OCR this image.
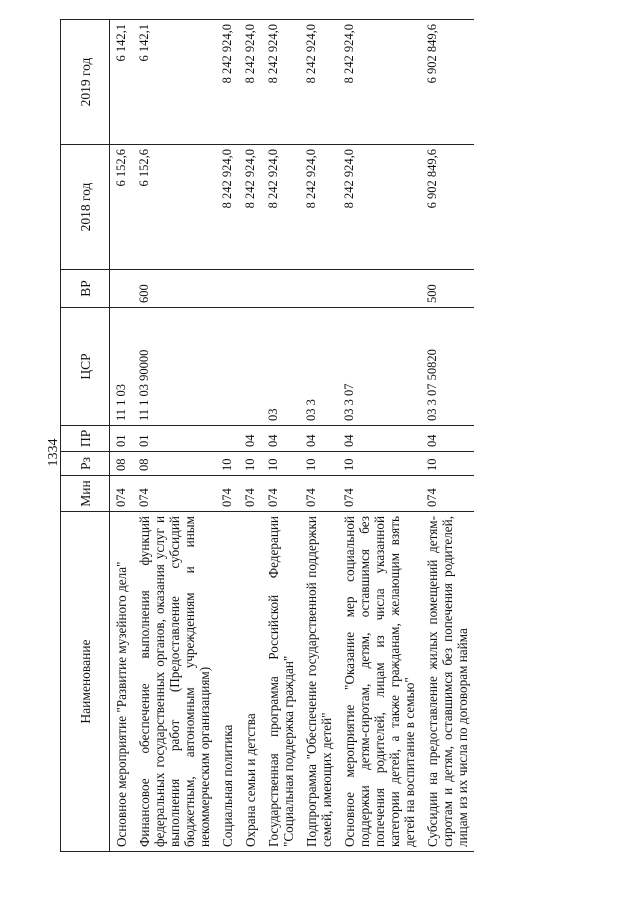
1334
Наименование	Мин	Рз	ПР	ЦСР	ВР	2018 год	2019 год
Основное мероприятие "Развитие музейного дела"	074	08	01	11 1 03		6 152,6	6 142,1
Финансовое обеспечение выполнения функций федеральных государственных органов, оказания услуг и выполнения работ (Предоставление субсидий бюджетным, автономным учреждениям и иным некоммерческим организациям)	074	08	01	11 1 03 90000	600	6 152,6	6 142,1
Социальная политика	074	10				8 242 924,0	8 242 924,0
Охрана семьи и детства	074	10	04			8 242 924,0	8 242 924,0
Государственная программа Российской Федерации "Социальная поддержка граждан"	074	10	04	03		8 242 924,0	8 242 924,0
Подпрограмма "Обеспечение государственной поддержки семей, имеющих детей"	074	10	04	03 3		8 242 924,0	8 242 924,0
Основное мероприятие "Оказание мер социальной поддержки детям-сиротам, детям, оставшимся без попечения родителей, лицам из числа указанной категории детей, а также гражданам, желающим взять детей на воспитание в семью"	074	10	04	03 3 07		8 242 924,0	8 242 924,0
Субсидии на предоставление жилых помещений детям-сиротам и детям, оставшимся без попечения родителей, лицам из их числа по договорам найма	074	10	04	03 3 07 50820	500	6 902 849,6	6 902 849,6
